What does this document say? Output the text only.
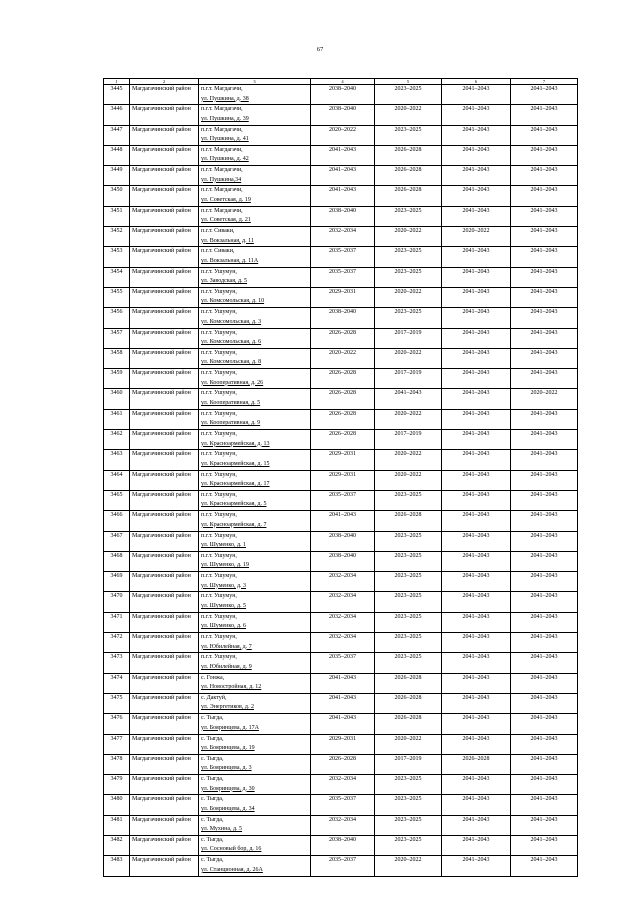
67
1	2	3	4	5	6	7
3445	Магдагачинский район	п.г.т. Магдагачи,
ул. Пушкина, д. 38	2038–2040	2023–2025	2041–2043	2041–2043
3446	Магдагачинский район	п.г.т. Магдагачи,
ул. Пушкина, д. 39	2038–2040	2020–2022	2041–2043	2041–2043
3447	Магдагачинский район	п.г.т. Магдагачи,
ул. Пушкина, д. 41	2020–2022	2023–2025	2041–2043	2041–2043
3448	Магдагачинский район	п.г.т. Магдагачи,
ул. Пушкина, д. 42	2041–2043	2026–2028	2041–2043	2041–2043
3449	Магдагачинский район	п.г.т. Магдагачи,
ул. Пушкина,34	2041–2043	2026–2028	2041–2043	2041–2043
3450	Магдагачинский район	п.г.т. Магдагачи,
ул. Советская, д. 19	2041–2043	2026–2028	2041–2043	2041–2043
3451	Магдагачинский район	п.г.т. Магдагачи,
ул. Советская, д. 21	2038–2040	2023–2025	2041–2043	2041–2043
3452	Магдагачинский район	п.г.т. Сиваки,
ул. Вокзальная, д. 11	2032–2034	2020–2022	2020–2022	2041–2043
3453	Магдагачинский район	п.г.т. Сиваки,
ул. Вокзальная, д. 11А	2035–2037	2023–2025	2041–2043	2041–2043
3454	Магдагачинский район	п.г.т. Ушумун,
ул. Заводская, д. 5	2035–2037	2023–2025	2041–2043	2041–2043
3455	Магдагачинский район	п.г.т. Ушумун,
ул. Комсомольская, д. 10	2029–2031	2020–2022	2041–2043	2041–2043
3456	Магдагачинский район	п.г.т. Ушумун,
ул. Комсомольская, д. 3	2038–2040	2023–2025	2041–2043	2041–2043
3457	Магдагачинский район	п.г.т. Ушумун,
ул. Комсомольская, д. 6	2026–2028	2017–2019	2041–2043	2041–2043
3458	Магдагачинский район	п.г.т. Ушумун,
ул. Комсомольская, д. 8	2020–2022	2020–2022	2041–2043	2041–2043
3459	Магдагачинский район	п.г.т. Ушумун,
ул. Кооперативная, д. 26	2026–2028	2017–2019	2041–2043	2041–2043
3460	Магдагачинский район	п.г.т. Ушумун,
ул. Кооперативная, д. 5	2026–2028	2041–2043	2041–2043	2020–2022
3461	Магдагачинский район	п.г.т. Ушумун,
ул. Кооперативная, д. 9	2026–2028	2020–2022	2041–2043	2041–2043
3462	Магдагачинский район	п.г.т. Ушумун,
ул. Красноармейская, д. 13	2026–2028	2017–2019	2041–2043	2041–2043
3463	Магдагачинский район	п.г.т. Ушумун,
ул. Красноармейская, д. 15	2029–2031	2020–2022	2041–2043	2041–2043
3464	Магдагачинский район	п.г.т. Ушумун,
ул. Красноармейская, д. 17	2029–2031	2020–2022	2041–2043	2041–2043
3465	Магдагачинский район	п.г.т. Ушумун,
ул. Красноармейская, д. 5	2035–2037	2023–2025	2041–2043	2041–2043
3466	Магдагачинский район	п.г.т. Ушумун,
ул. Красноармейская, д. 7	2041–2043	2026–2028	2041–2043	2041–2043
3467	Магдагачинский район	п.г.т. Ушумун,
ул. Шуменко, д. 1	2038–2040	2023–2025	2041–2043	2041–2043
3468	Магдагачинский район	п.г.т. Ушумун,
ул. Шуменко, д. 19	2038–2040	2023–2025	2041–2043	2041–2043
3469	Магдагачинский район	п.г.т. Ушумун,
ул. Шуменко, д. 3	2032–2034	2023–2025	2041–2043	2041–2043
3470	Магдагачинский район	п.г.т. Ушумун,
ул. Шуменко, д. 5	2032–2034	2023–2025	2041–2043	2041–2043
3471	Магдагачинский район	п.г.т. Ушумун,
ул. Шуменко, д. 6	2032–2034	2023–2025	2041–2043	2041–2043
3472	Магдагачинский район	п.г.т. Ушумун,
ул. Юбилейная, д. 7	2032–2034	2023–2025	2041–2043	2041–2043
3473	Магдагачинский район	п.г.т. Ушумун,
ул. Юбилейная, д. 9	2035–2037	2023–2025	2041–2043	2041–2043
3474	Магдагачинский район	с. Гонжа,
ул. Новостройная, д. 12	2041–2043	2026–2028	2041–2043	2041–2043
3475	Магдагачинский район	с. Дактуй,
ул. Энергетиков, д. 2	2041–2043	2026–2028	2041–2043	2041–2043
3476	Магдагачинский район	с. Тыгда,
ул. Бояринцева, д. 17А	2041–2043	2026–2028	2041–2043	2041–2043
3477	Магдагачинский район	с. Тыгда,
ул. Бояринцева, д. 19	2029–2031	2020–2022	2041–2043	2041–2043
3478	Магдагачинский район	с. Тыгда,
ул. Бояринцева, д. 3	2026–2028	2017–2019	2026–2028	2041–2043
3479	Магдагачинский район	с. Тыгда,
ул. Бояринцева, д. 30	2032–2034	2023–2025	2041–2043	2041–2043
3480	Магдагачинский район	с. Тыгда,
ул. Бояринцева, д. 34	2035–2037	2023–2025	2041–2043	2041–2043
3481	Магдагачинский район	с. Тыгда,
ул. Мухина, д. 5	2032–2034	2023–2025	2041–2043	2041–2043
3482	Магдагачинский район	с. Тыгда,
ул. Сосновый бор, д. 16	2038–2040	2023–2025	2041–2043	2041–2043
3483	Магдагачинский район	с. Тыгда,
ул. Станционная, д. 26А	2035–2037	2020–2022	2041–2043	2041–2043
